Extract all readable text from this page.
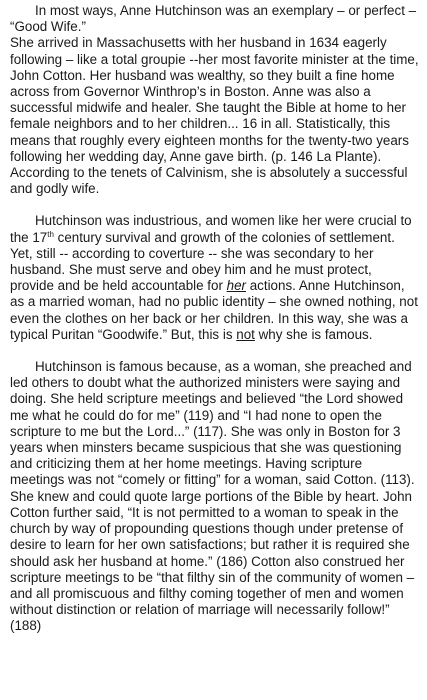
In most ways, Anne Hutchinson was an exemplary – or perfect – “Good Wife.”
She arrived in Massachusetts with her husband in 1634 eagerly following – like a total groupie --her most favorite minister at the time, John Cotton. Her husband was wealthy, so they built a fine home across from Governor Winthrop’s in Boston. Anne was also a successful midwife and healer. She taught the Bible at home to her female neighbors and to her children... 16 in all. Statistically, this means that roughly every eighteen months for the twenty-two years following her wedding day, Anne gave birth. (p. 146 La Plante). According to the tenets of Calvinism, she is absolutely a successful and godly wife.

Hutchinson was industrious, and women like her were crucial to the 17th century survival and growth of the colonies of settlement. Yet, still -- according to coverture -- she was secondary to her husband. She must serve and obey him and he must protect, provide and be held accountable for her actions. Anne Hutchinson, as a married woman, had no public identity – she owned nothing, not even the clothes on her back or her children. In this way, she was a typical Puritan “Goodwife.” But, this is not why she is famous.

Hutchinson is famous because, as a woman, she preached and led others to doubt what the authorized ministers were saying and doing. She held scripture meetings and believed “the Lord showed me what he could do for me” (119) and “I had none to open the scripture to me but the Lord...” (117). She was only in Boston for 3 years when minsters became suspicious that she was questioning and criticizing them at her home meetings. Having scripture meetings was not “comely or fitting” for a woman, said Cotton. (113). She knew and could quote large portions of the Bible by heart. John Cotton further said, “It is not permitted to a woman to speak in the church by way of propounding questions though under pretense of desire to learn for her own satisfactions; but rather it is required she should ask her husband at home.” (186) Cotton also construed her scripture meetings to be “that filthy sin of the community of women – and all promiscuous and filthy coming together of men and women without distinction or relation of marriage will necessarily follow!” (188)
